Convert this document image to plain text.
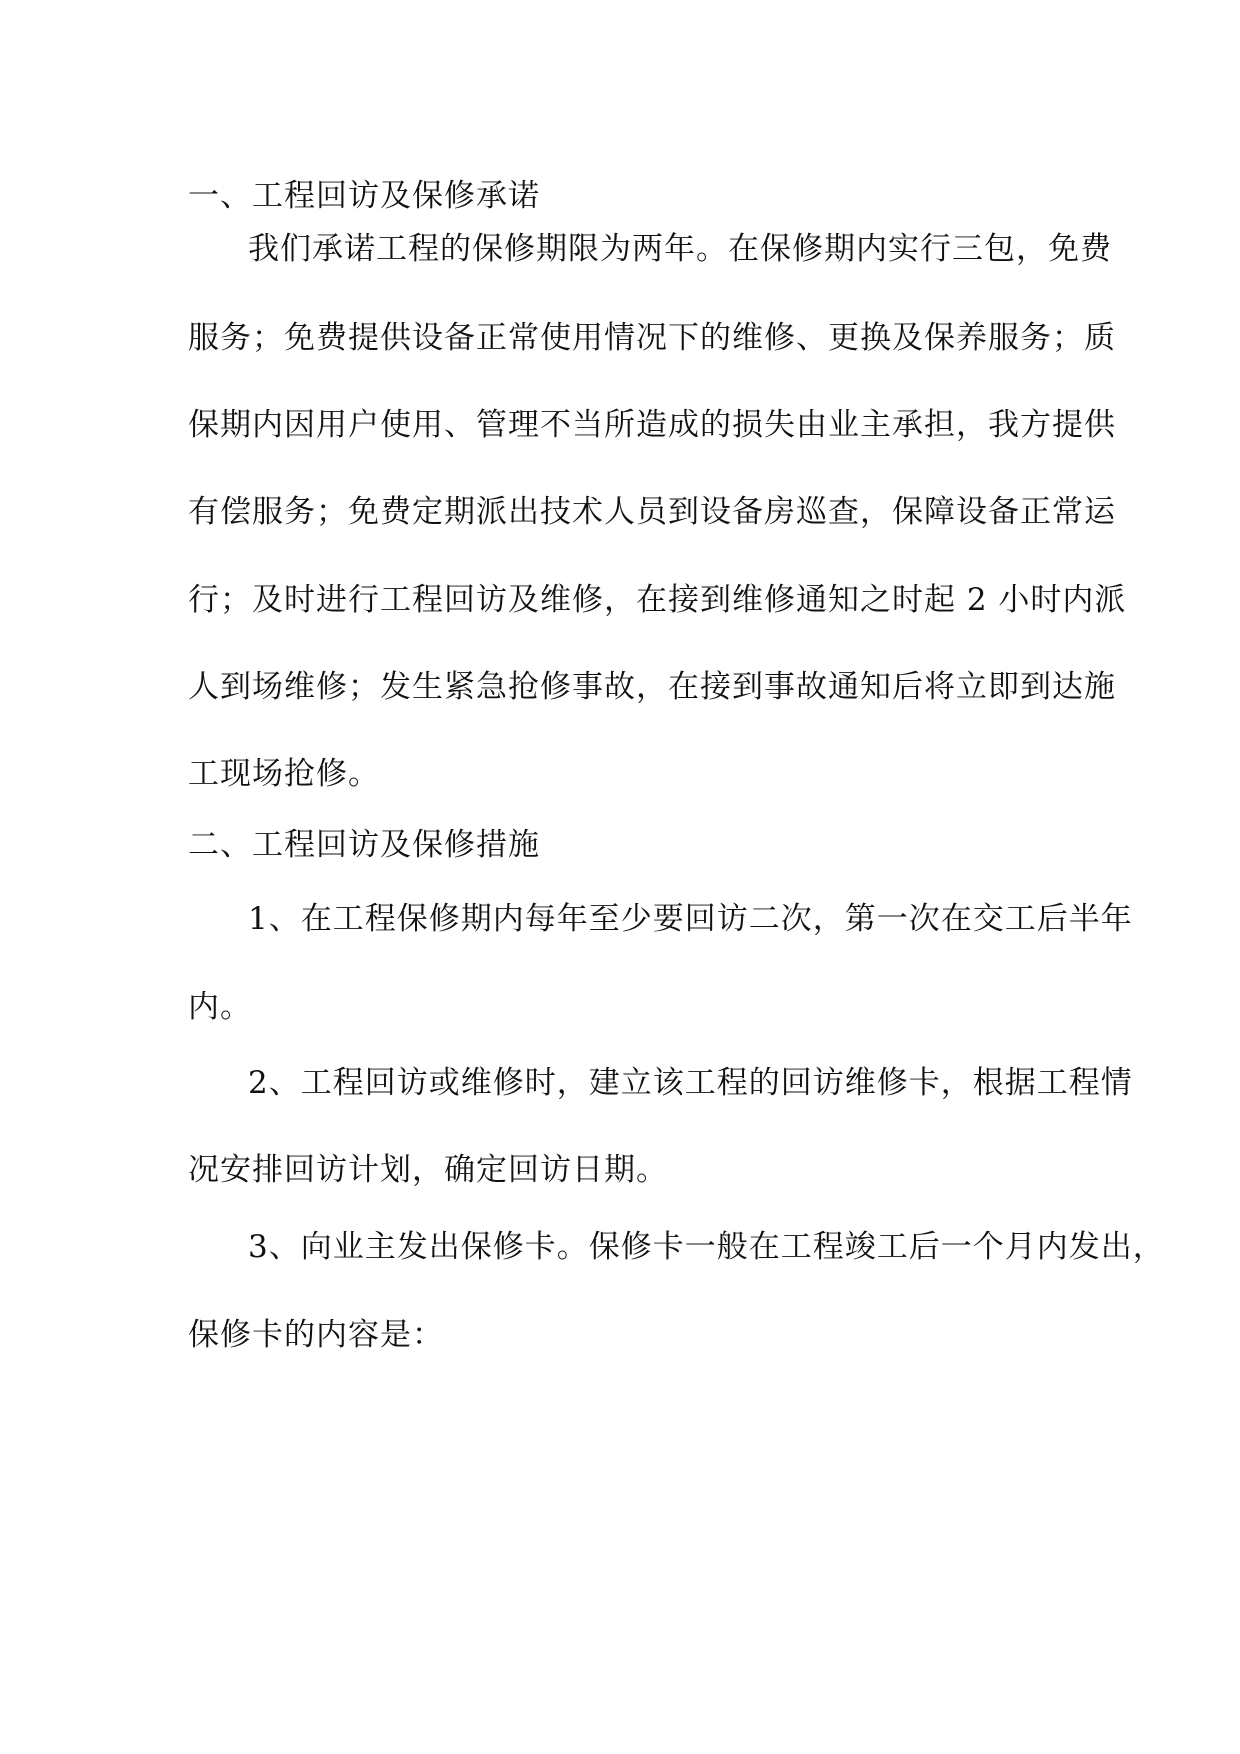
一、工程回访及保修承诺

我们承诺工程的保修期限为两年。在保修期内实行三包，免费

服务；免费提供设备正常使用情况下的维修、更换及保养服务；质

保期内因用户使用、管理不当所造成的损失由业主承担，我方提供

有偿服务；免费定期派出技术人员到设备房巡查，保障设备正常运

行；及时进行工程回访及维修，在接到维修通知之时起 2 小时内派

人到场维修；发生紧急抢修事故，在接到事故通知后将立即到达施

工现场抢修。

二、工程回访及保修措施

1、在工程保修期内每年至少要回访二次，第一次在交工后半年

内。

2、工程回访或维修时，建立该工程的回访维修卡，根据工程情

况安排回访计划，确定回访日期。

3、向业主发出保修卡。保修卡一般在工程竣工后一个月内发出，

保修卡的内容是：
